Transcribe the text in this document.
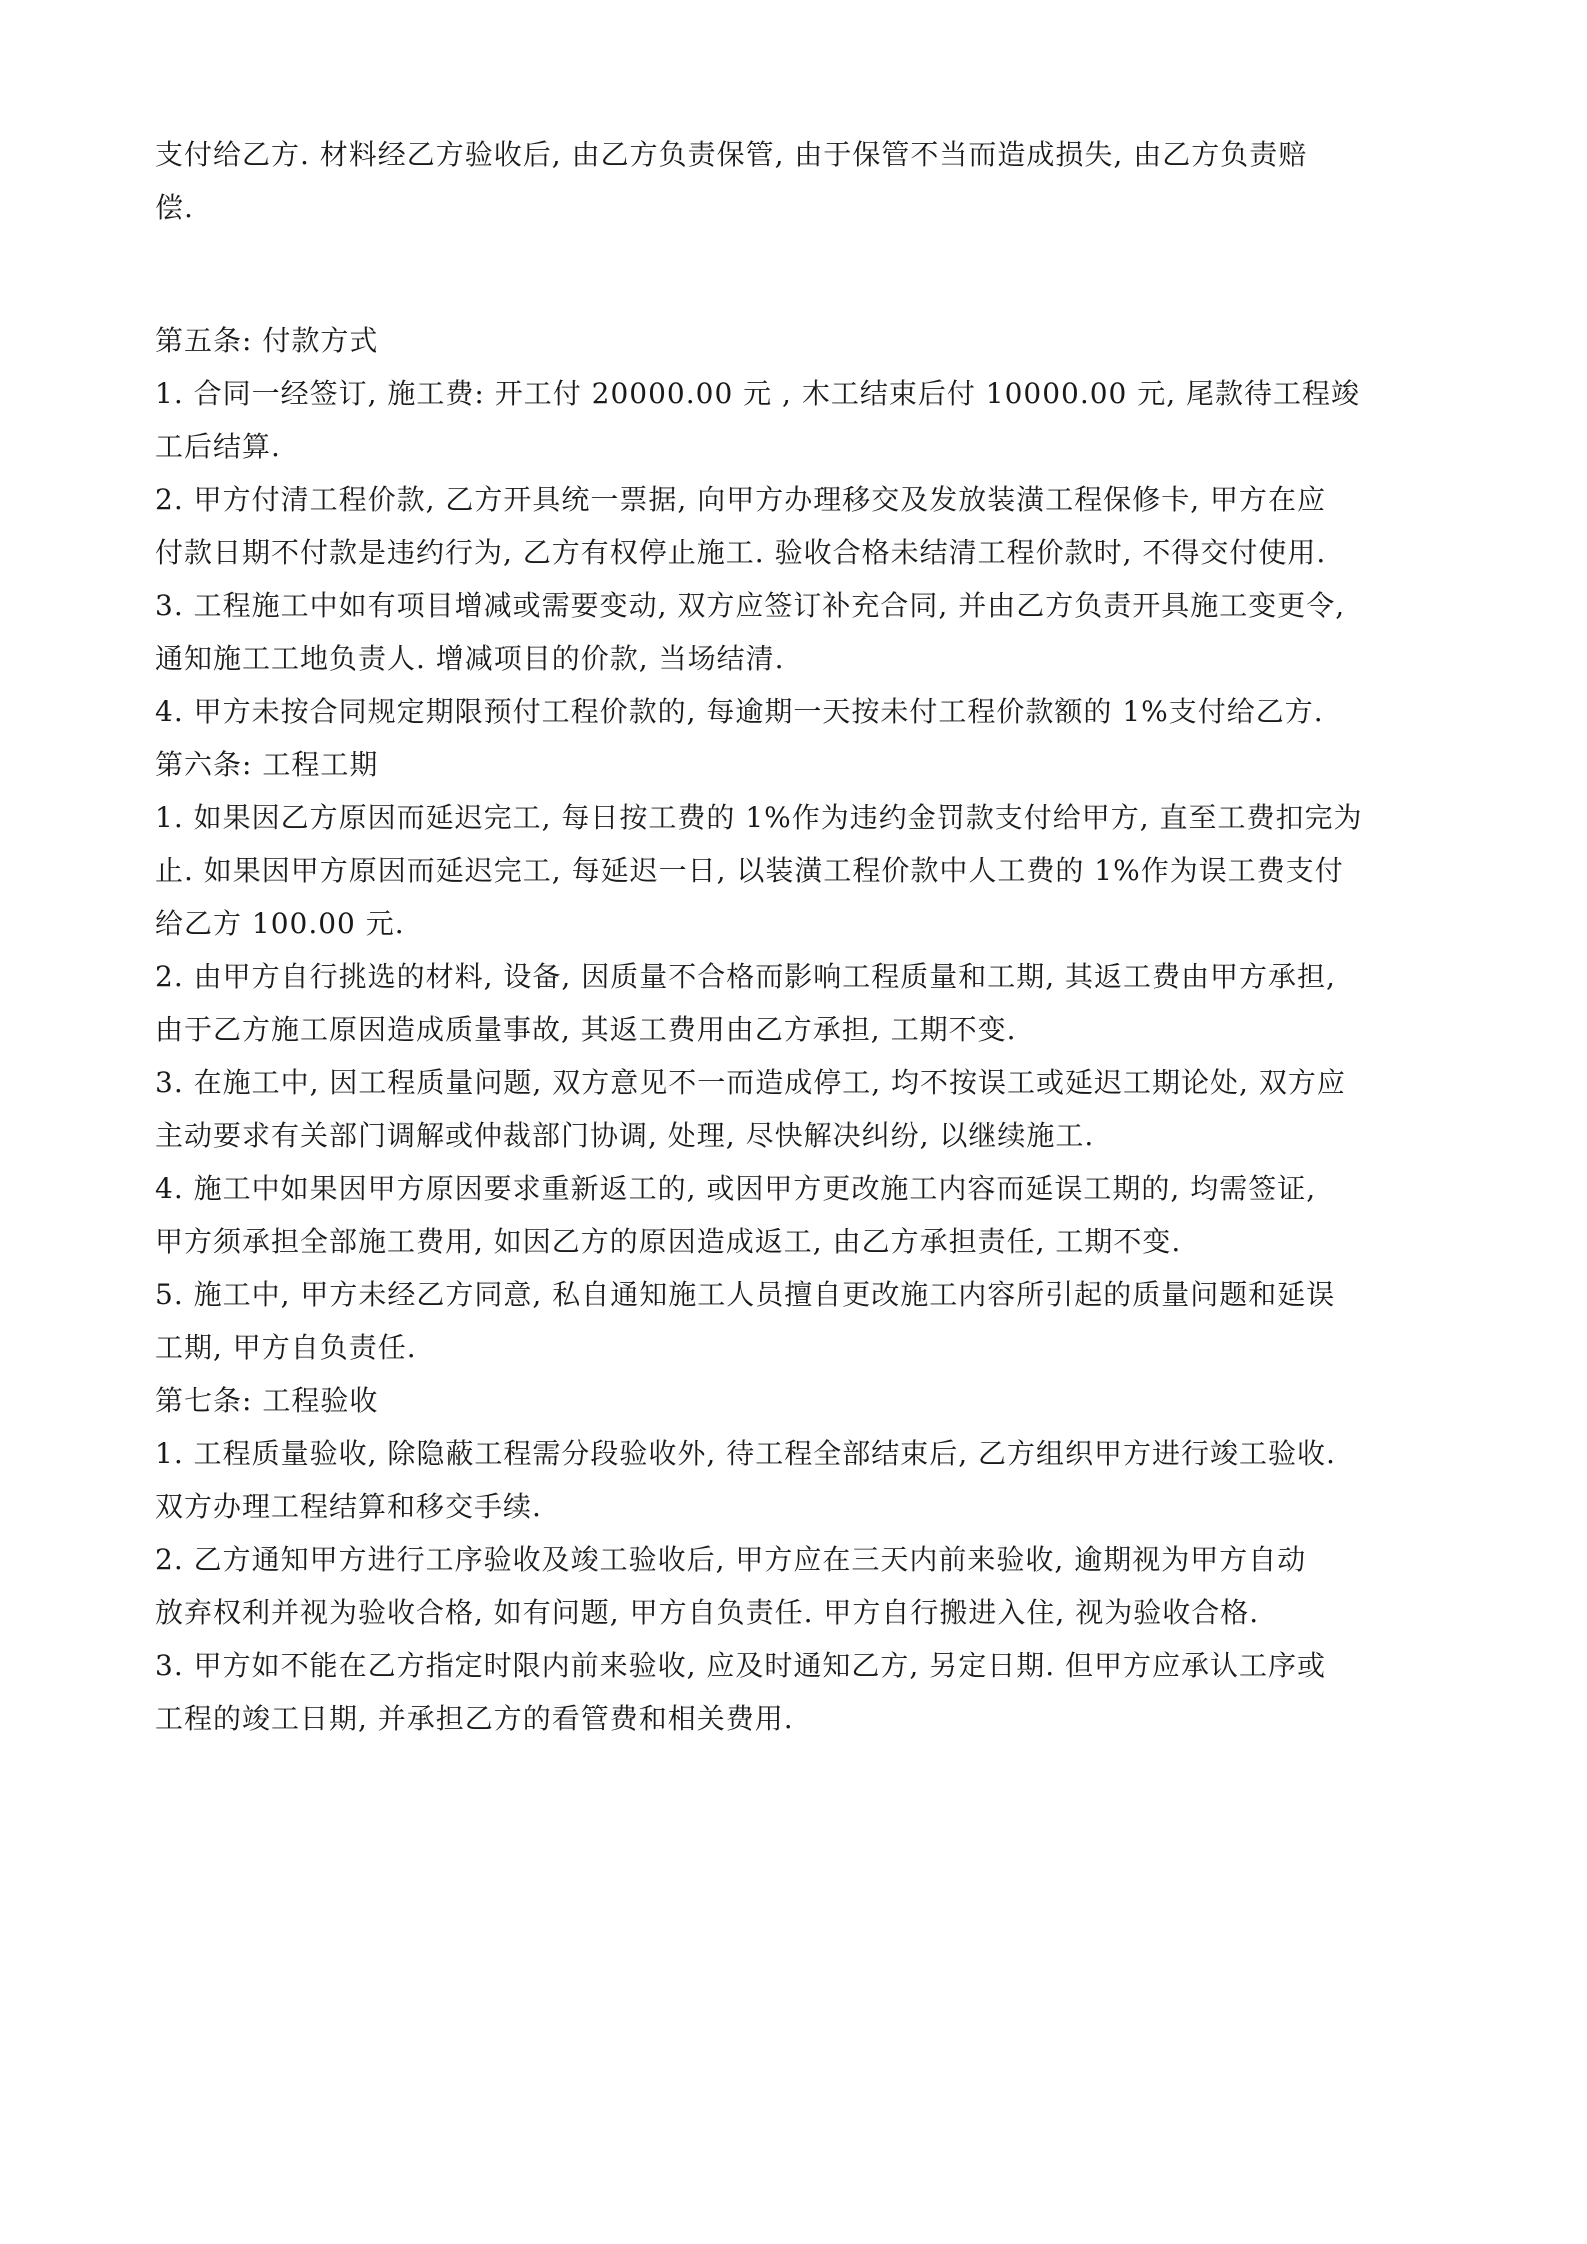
支付给乙方. 材料经乙方验收后, 由乙方负责保管, 由于保管不当而造成损失, 由乙方负责赔
偿.
第五条: 付款方式
1. 合同一经签订, 施工费: 开工付 20000.00 元 , 木工结束后付 10000.00 元, 尾款待工程竣
工后结算.
2. 甲方付清工程价款, 乙方开具统一票据, 向甲方办理移交及发放装潢工程保修卡, 甲方在应
付款日期不付款是违约行为, 乙方有权停止施工. 验收合格未结清工程价款时, 不得交付使用.
3. 工程施工中如有项目增减或需要变动, 双方应签订补充合同, 并由乙方负责开具施工变更令,
通知施工工地负责人. 增减项目的价款, 当场结清.
4. 甲方未按合同规定期限预付工程价款的, 每逾期一天按未付工程价款额的 1%支付给乙方.
第六条: 工程工期
1. 如果因乙方原因而延迟完工, 每日按工费的 1%作为违约金罚款支付给甲方, 直至工费扣完为
止. 如果因甲方原因而延迟完工, 每延迟一日, 以装潢工程价款中人工费的 1%作为误工费支付
给乙方 100.00 元.
2. 由甲方自行挑选的材料, 设备, 因质量不合格而影响工程质量和工期, 其返工费由甲方承担,
由于乙方施工原因造成质量事故, 其返工费用由乙方承担, 工期不变.
3. 在施工中, 因工程质量问题, 双方意见不一而造成停工, 均不按误工或延迟工期论处, 双方应
主动要求有关部门调解或仲裁部门协调, 处理, 尽快解决纠纷, 以继续施工.
4. 施工中如果因甲方原因要求重新返工的, 或因甲方更改施工内容而延误工期的, 均需签证,
甲方须承担全部施工费用, 如因乙方的原因造成返工, 由乙方承担责任, 工期不变.
5. 施工中, 甲方未经乙方同意, 私自通知施工人员擅自更改施工内容所引起的质量问题和延误
工期, 甲方自负责任.
第七条: 工程验收
1. 工程质量验收, 除隐蔽工程需分段验收外, 待工程全部结束后, 乙方组织甲方进行竣工验收.
双方办理工程结算和移交手续.
2. 乙方通知甲方进行工序验收及竣工验收后, 甲方应在三天内前来验收, 逾期视为甲方自动
放弃权利并视为验收合格, 如有问题, 甲方自负责任. 甲方自行搬进入住, 视为验收合格.
3. 甲方如不能在乙方指定时限内前来验收, 应及时通知乙方, 另定日期. 但甲方应承认工序或
工程的竣工日期, 并承担乙方的看管费和相关费用.
